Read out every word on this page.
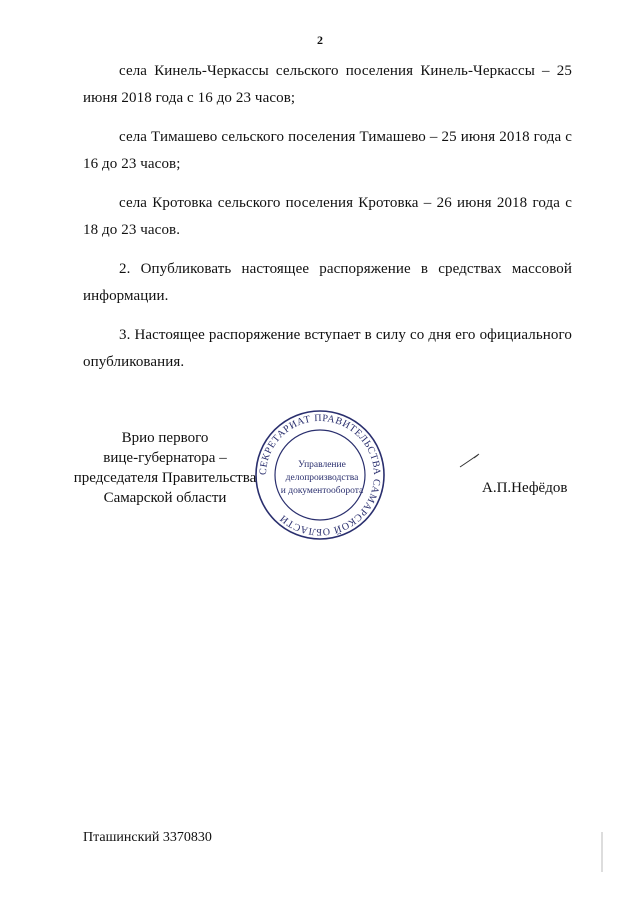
2

села Кинель-Черкассы сельского поселения Кинель-Черкассы – 25 июня 2018 года с 16 до 23 часов;

села Тимашево сельского поселения Тимашево – 25 июня 2018 года с 16 до 23 часов;

села Кротовка сельского поселения Кротовка – 26 июня 2018 года с 18 до 23 часов.

2. Опубликовать настоящее распоряжение в средствах массовой информации.

3. Настоящее распоряжение вступает в силу со дня его официального опубликования.

СЕКРЕТАРИАТ ПРАВИТЕЛЬСТВА САМАРСКОЙ ОБЛАСТИ
Управление
делопроизводства
и документооборота
Врио первого
вице-губернатора –
председателя Правительства
Самарской области
А.П.Нефёдов
Пташинский 3370830
